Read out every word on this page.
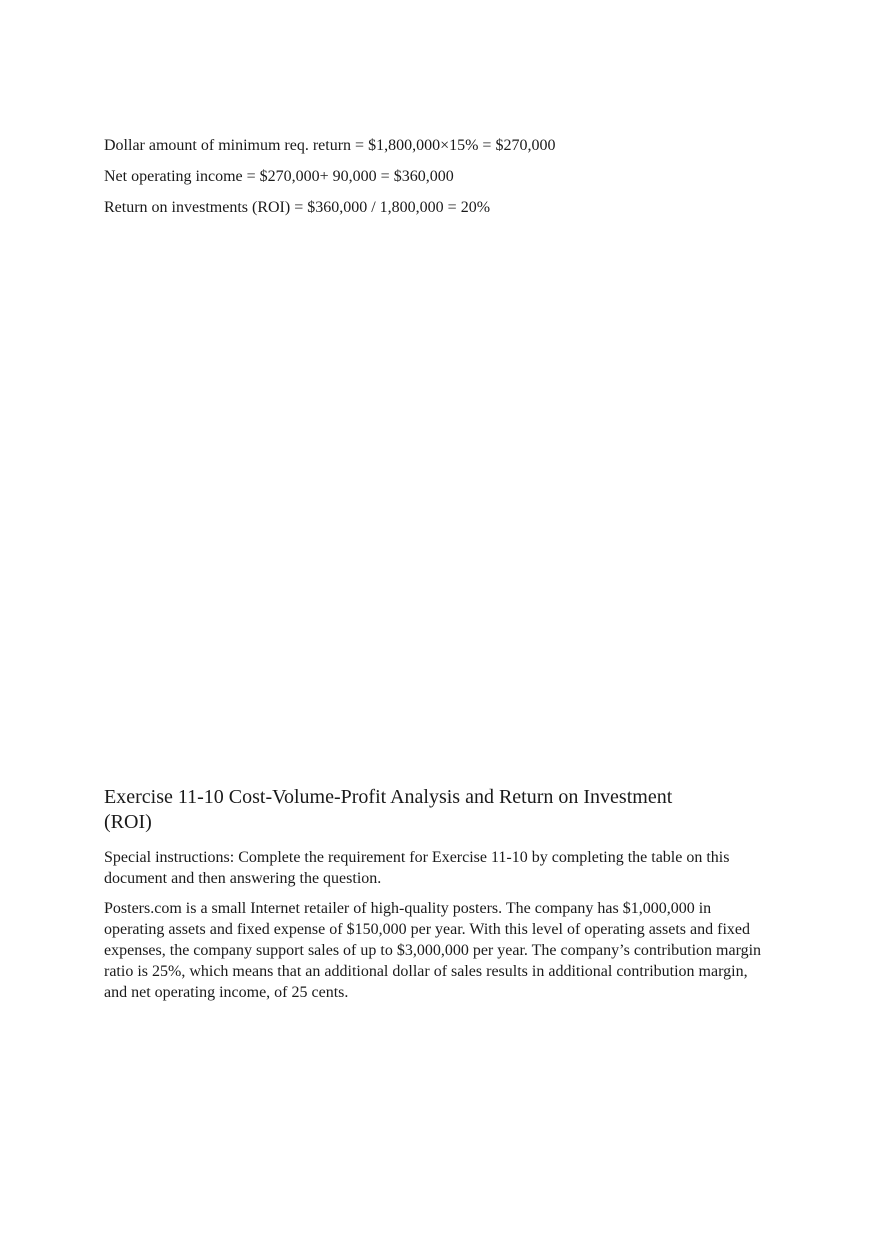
Dollar amount of minimum req. return = $1,800,000×15% = $270,000

Net operating income = $270,000+ 90,000 = $360,000

Return on investments (ROI) = $360,000 / 1,800,000 = 20%

Exercise 11-10 Cost-Volume-Profit Analysis and Return on Investment (ROI)

Special instructions: Complete the requirement for Exercise 11-10 by completing the table on this document and then answering the question.

Posters.com is a small Internet retailer of high-quality posters. The company has $1,000,000 in operating assets and fixed expense of $150,000 per year. With this level of operating assets and fixed expenses, the company support sales of up to $3,000,000 per year. The company’s contribution margin ratio is 25%, which means that an additional dollar of sales results in additional contribution margin, and net operating income, of 25 cents.
